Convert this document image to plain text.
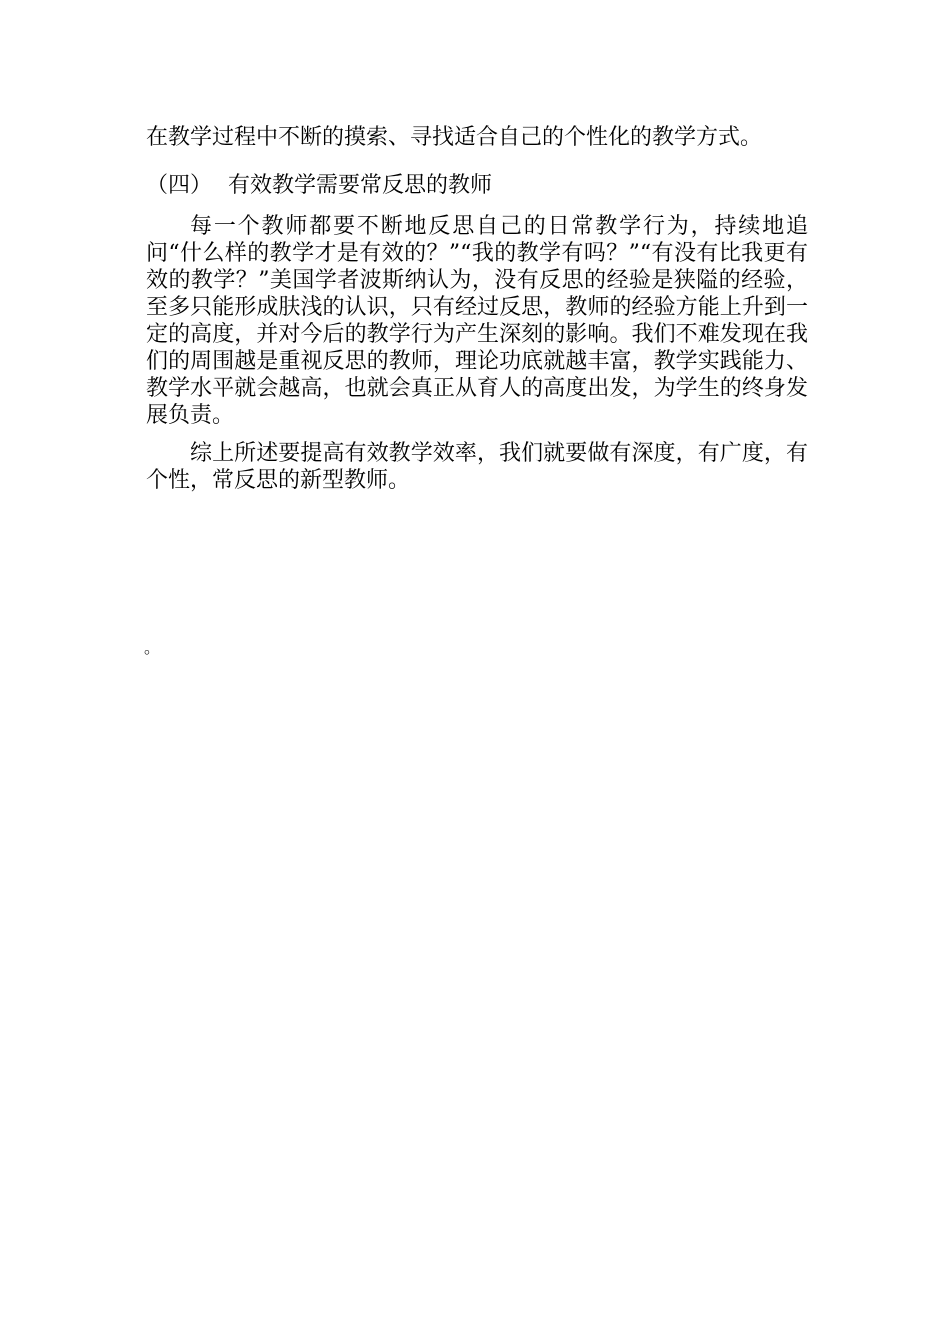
在教学过程中不断的摸索、寻找适合自己的个性化的教学方式。
（四） 有效教学需要常反思的教师
每一个教师都要不断地反思自己的日常教学行为，持续地追问“什么样的教学才是有效的？”“我的教学有吗？”“有没有比我更有效的教学？”美国学者波斯纳认为，没有反思的经验是狭隘的经验，至多只能形成肤浅的认识，只有经过反思，教师的经验方能上升到一定的高度，并对今后的教学行为产生深刻的影响。我们不难发现在我们的周围越是重视反思的教师，理论功底就越丰富，教学实践能力、教学水平就会越高，也就会真正从育人的高度出发，为学生的终身发展负责。
综上所述要提高有效教学效率，我们就要做有深度，有广度，有个性，常反思的新型教师。
。
